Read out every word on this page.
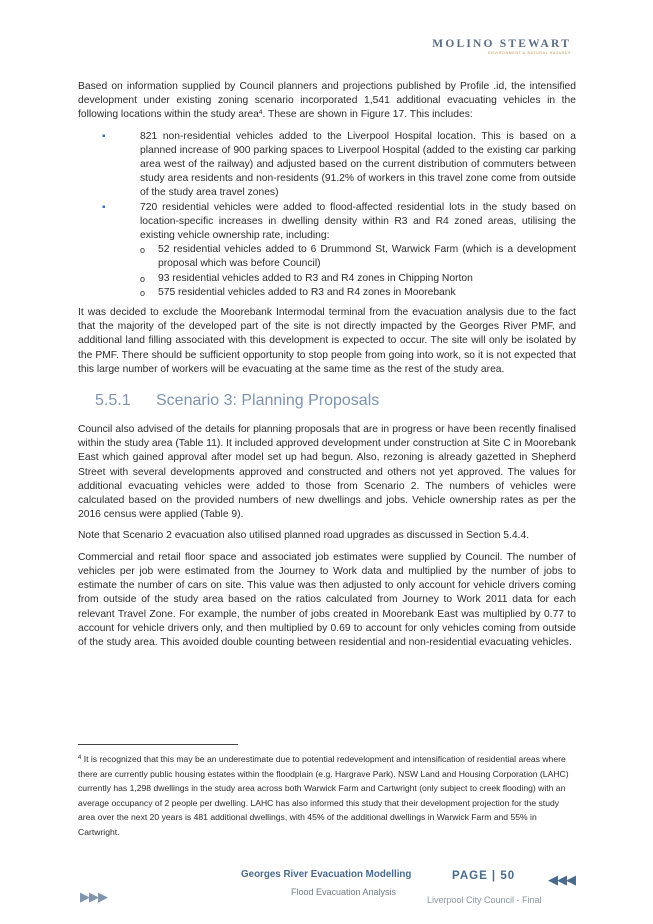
MOLINO STEWART
ENVIRONMENT & NATURAL HAZARDS

Based on information supplied by Council planners and projections published by Profile .id, the intensified development under existing zoning scenario incorporated 1,541 additional evacuating vehicles in the following locations within the study area$^4$. These are shown in Figure 17. This includes:

▪	821 non-residential vehicles added to the Liverpool Hospital location. This is based on a planned increase of 900 parking spaces to Liverpool Hospital (added to the existing car parking area west of the railway) and adjusted based on the current distribution of commuters between study area residents and non-residents (91.2% of workers in this travel zone come from outside of the study area travel zones)
▪	720 residential vehicles were added to flood-affected residential lots in the study based on location-specific increases in dwelling density within R3 and R4 zoned areas, utilising the existing vehicle ownership rate, including:
o 52 residential vehicles added to 6 Drummond St, Warwick Farm (which is a development proposal which was before Council)
o 93 residential vehicles added to R3 and R4 zones in Chipping Norton
o 575 residential vehicles added to R3 and R4 zones in Moorebank

It was decided to exclude the Moorebank Intermodal terminal from the evacuation analysis due to the fact that the majority of the developed part of the site is not directly impacted by the Georges River PMF, and additional land filling associated with this development is expected to occur. The site will only be isolated by the PMF. There should be sufficient opportunity to stop people from going into work, so it is not expected that this large number of workers will be evacuating at the same time as the rest of the study area.

5.5.1 Scenario 3: Planning Proposals

Council also advised of the details for planning proposals that are in progress or have been recently finalised within the study area (Table 11). It included approved development under construction at Site C in Moorebank East which gained approval after model set up had begun. Also, rezoning is already gazetted in Shepherd Street with several developments approved and constructed and others not yet approved. The values for additional evacuating vehicles were added to those from Scenario 2. The numbers of vehicles were calculated based on the provided numbers of new dwellings and jobs. Vehicle ownership rates as per the 2016 census were applied (Table 9).

Note that Scenario 2 evacuation also utilised planned road upgrades as discussed in Section 5.4.4.

Commercial and retail floor space and associated job estimates were supplied by Council. The number of vehicles per job were estimated from the Journey to Work data and multiplied by the number of jobs to estimate the number of cars on site. This value was then adjusted to only account for vehicle drivers coming from outside of the study area based on the ratios calculated from Journey to Work 2011 data for each relevant Travel Zone. For example, the number of jobs created in Moorebank East was multiplied by 0.77 to account for vehicle drivers only, and then multiplied by 0.69 to account for only vehicles coming from outside of the study area. This avoided double counting between residential and non-residential evacuating vehicles.

$^4$ It is recognized that this may be an underestimate due to potential redevelopment and intensification of residential areas where there are currently public housing estates within the floodplain (e.g. Hargrave Park). NSW Land and Housing Corporation (LAHC) currently has 1,298 dwellings in the study area across both Warwick Farm and Cartwright (only subject to creek flooding) with an average occupancy of 2 people per dwelling. LAHC has also informed this study that their development projection for the study area over the next 20 years is 481 additional dwellings, with 45% of the additional dwellings in Warwick Farm and 55% in Cartwright.
▶▶▶
Georges River Evacuation Modelling
Flood Evacuation Analysis
PAGE | 50
Liverpool City Council - Final
◀◀◀
